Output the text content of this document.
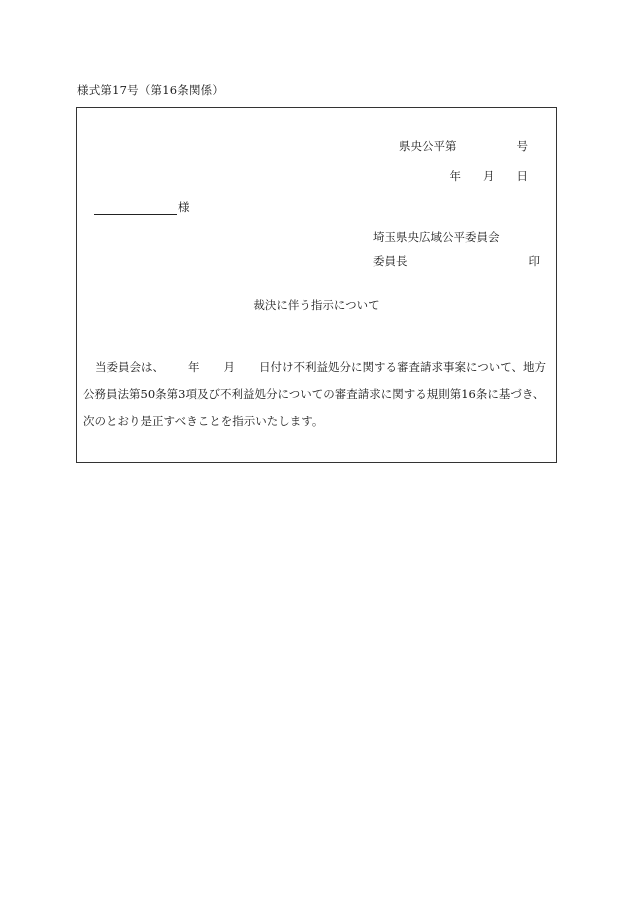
様式第17号（第16条関係）
県央公平第	号
年 月 日
様
埼玉県央広域公平委員会
委員長	印
裁決に伴う指示について
当委員会は、 年 月 日付け不利益処分に関する審査請求事案について、地方公務員法第50条第3項及び不利益処分についての審査請求に関する規則第16条に基づき、次のとおり是正すべきことを指示いたします。
